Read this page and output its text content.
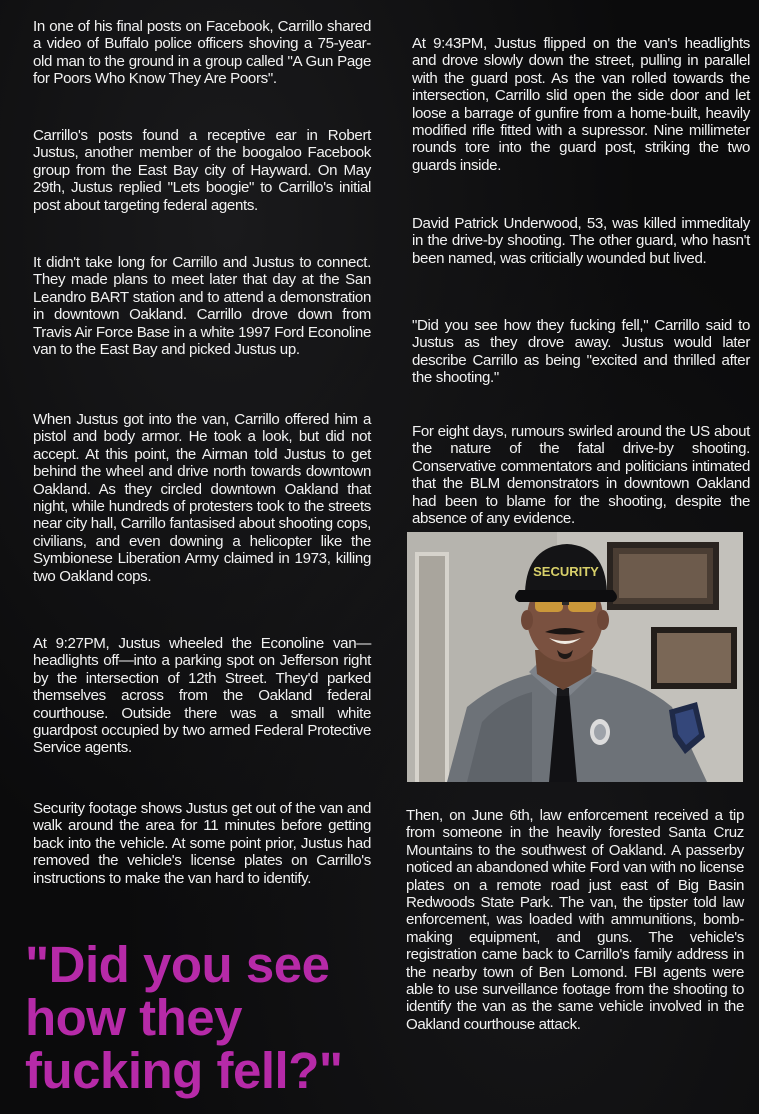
In one of his final posts on Facebook, Carrillo shared a video of Buffalo police officers shoving a 75-year-old man to the ground in a group called "A Gun Page for Poors Who Know They Are Poors".

Carrillo's posts found a receptive ear in Robert Justus, another member of the boogaloo Facebook group from the East Bay city of Hayward. On May 29th, Justus replied "Lets boogie" to Carrillo's initial post about targeting federal agents.

It didn't take long for Carrillo and Justus to connect. They made plans to meet later that day at the San Leandro BART station and to attend a demonstration in downtown Oakland. Carrillo drove down from Travis Air Force Base in a white 1997 Ford Econoline van to the East Bay and picked Justus up.

When Justus got into the van, Carrillo offered him a pistol and body armor. He took a look, but did not accept. At this point, the Airman told Justus to get behind the wheel and drive north towards downtown Oakland. As they circled downtown Oakland that night, while hundreds of protesters took to the streets near city hall, Carrillo fantasised about shooting cops, civilians, and even downing a helicopter like the Symbionese Liberation Army claimed in 1973, killing two Oakland cops.

At 9:27PM, Justus wheeled the Econoline van—headlights off—into a parking spot on Jefferson right by the intersection of 12th Street. They'd parked themselves across from the Oakland federal courthouse. Outside there was a small white guardpost occupied by two armed Federal Protective Service agents.

Security footage shows Justus get out of the van and walk around the area for 11 minutes before getting back into the vehicle. At some point prior, Justus had removed the vehicle's license plates on Carrillo's instructions to make the van hard to identify.

"Did you see how they fucking fell?"

At 9:43PM, Justus flipped on the van's headlights and drove slowly down the street, pulling in parallel with the guard post. As the van rolled towards the intersection, Carrillo slid open the side door and let loose a barrage of gunfire from a home-built, heavily modified rifle fitted with a supressor. Nine millimeter rounds tore into the guard post, striking the two guards inside.

David Patrick Underwood, 53, was killed immeditaly in the drive-by shooting. The other guard, who hasn't been named, was criticially wounded but lived.

"Did you see how they fucking fell," Carrillo said to Justus as they drove away. Justus would later describe Carrillo as being "excited and thrilled after the shooting."

For eight days, rumours swirled around the US about the nature of the fatal drive-by shooting. Conservative commentators and politicians intimated that the BLM demonstrators in downtown Oakland had been to blame for the shooting, despite the absence of any evidence.

Then, on June 6th, law enforcement received a tip from someone in the heavily forested Santa Cruz Mountains to the southwest of Oakland. A passerby noticed an abandoned white Ford van with no license plates on a remote road just east of Big Basin Redwoods State Park. The van, the tipster told law enforcement, was loaded with ammunitions, bomb-making equipment, and guns. The vehicle's registration came back to Carrillo's family address in the nearby town of Ben Lomond. FBI agents were able to use surveillance footage from the shooting to identify the van as the same vehicle involved in the Oakland courthouse attack.

SECURITY
